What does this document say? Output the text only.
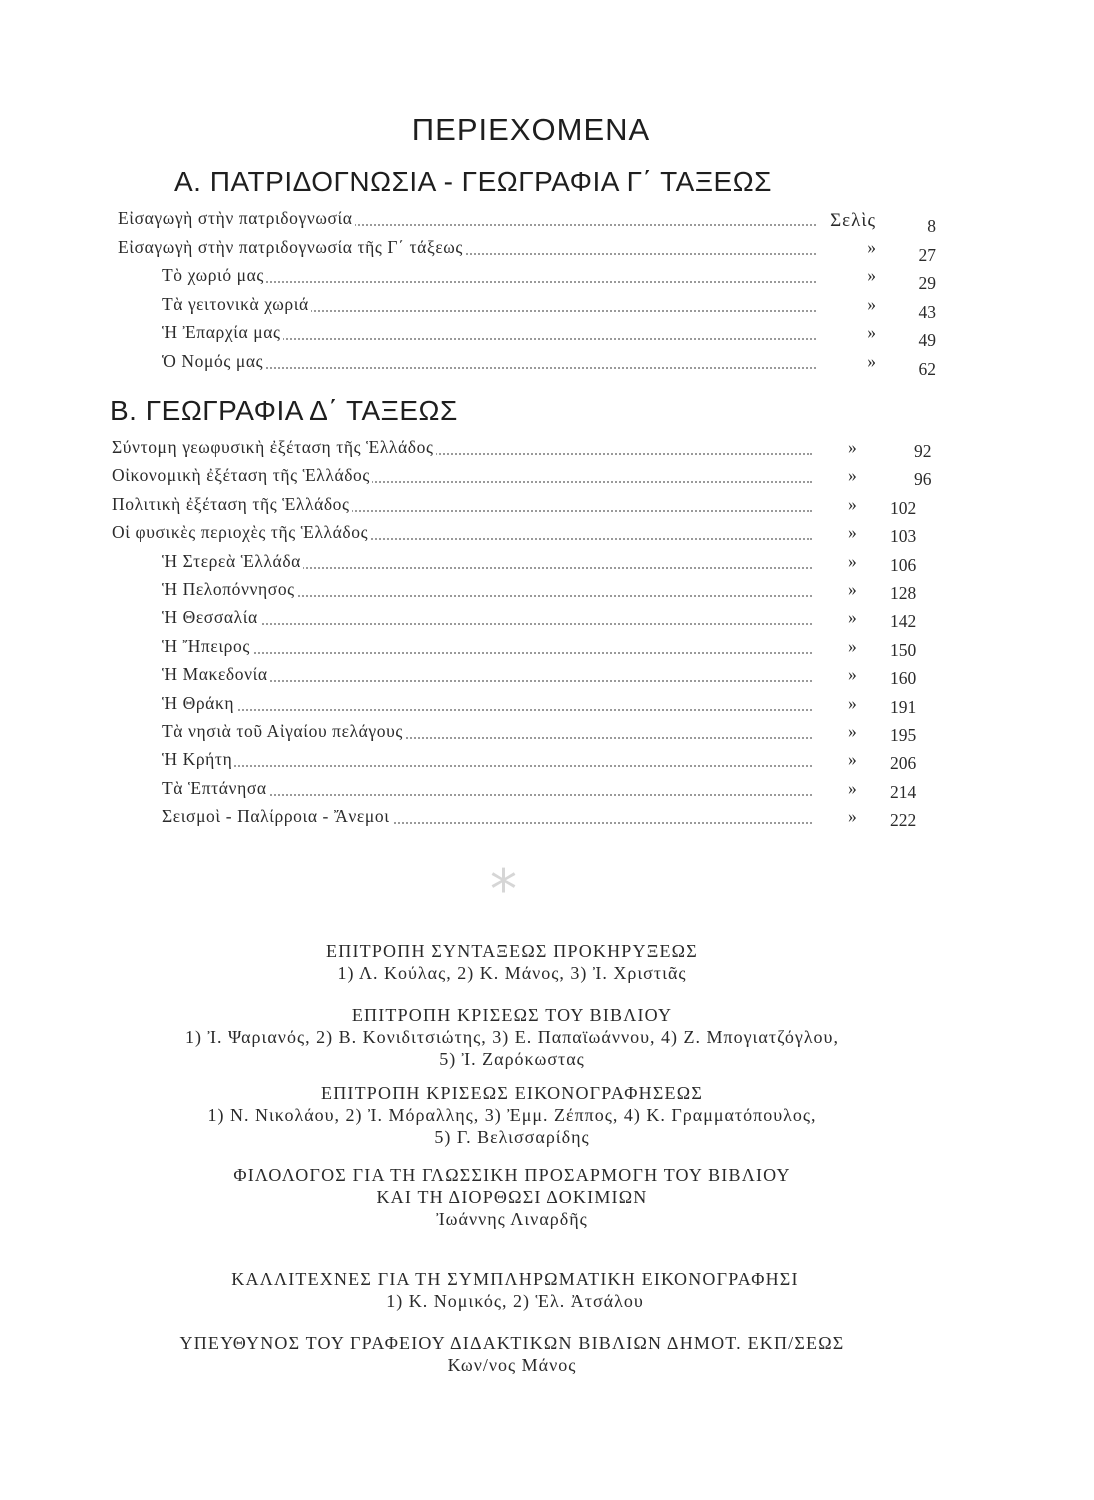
ΠΕΡΙΕΧΟΜΕΝΑ
Α. ΠΑΤΡΙΔΟΓΝΩΣΙΑ - ΓΕΩΓΡΑΦΙΑ Γ΄ ΤΑΞΕΩΣ
Εἰσαγωγὴ στὴν πατριδογνωσία	Σελὶς	8
Εἰσαγωγὴ στὴν πατριδογνωσία τῆς Γ΄ τάξεως	» 27
Τὸ χωριό μας	» 29
Τὰ γειτονικὰ χωριά	» 43
Ἡ Ἐπαρχία μας	» 49
Ὁ Νομός μας	» 62
Β. ΓΕΩΓΡΑΦΙΑ Δ΄ ΤΑΞΕΩΣ
Σύντομη γεωφυσικὴ ἐξέταση τῆς Ἑλλάδος	»	92
Οἰκονομικὴ ἐξέταση τῆς Ἑλλάδος	»	96
Πολιτικὴ ἐξέταση τῆς Ἑλλάδος	» 102
Οἱ φυσικὲς περιοχὲς τῆς Ἑλλάδος	» 103
Ἡ Στερεὰ Ἑλλάδα	» 106
Ἡ Πελοπόννησος	» 128
Ἡ Θεσσαλία	» 142
Ἡ Ἤπειρος	» 150
Ἡ Μακεδονία	» 160
Ἡ Θράκη	» 191
Τὰ νησιὰ τοῦ Αἰγαίου πελάγους	» 195
Ἡ Κρήτη	» 206
Τὰ Ἑπτάνησα	» 214
Σεισμοὶ - Παλίρροια - Ἄνεμοι	» 222
*

ΕΠΙΤΡΟΠΗ ΣΥΝΤΑΞΕΩΣ ΠΡΟΚΗΡΥΞΕΩΣ

1) Λ. Κούλας, 2) Κ. Μάνος, 3) Ἰ. Χριστιᾶς

ΕΠΙΤΡΟΠΗ ΚΡΙΣΕΩΣ ΤΟΥ ΒΙΒΛΙΟΥ

1) Ἰ. Ψαριανός, 2) Β. Κονιδιτσιώτης, 3) Ε. Παπαϊωάννου, 4) Ζ. Μπογιατζόγλου,

5) Ἰ. Ζαρόκωστας

ΕΠΙΤΡΟΠΗ ΚΡΙΣΕΩΣ ΕΙΚΟΝΟΓΡΑΦΗΣΕΩΣ

1) Ν. Νικολάου, 2) Ἰ. Μόραλλης, 3) Ἐμμ. Ζέππος, 4) Κ. Γραμματόπουλος,

5) Γ. Βελισσαρίδης

ΦΙΛΟΛΟΓΟΣ ΓΙΑ ΤΗ ΓΛΩΣΣΙΚΗ ΠΡΟΣΑΡΜΟΓΗ ΤΟΥ ΒΙΒΛΙΟΥ

ΚΑΙ ΤΗ ΔΙΟΡΘΩΣΙ ΔΟΚΙΜΙΩΝ

Ἰωάννης Λιναρδῆς

ΚΑΛΛΙΤΕΧΝΕΣ ΓΙΑ ΤΗ ΣΥΜΠΛΗΡΩΜΑΤΙΚΗ ΕΙΚΟΝΟΓΡΑΦΗΣΙ

1) Κ. Νομικός, 2) Ἑλ. Ἀτσάλου

ΥΠΕΥΘΥΝΟΣ ΤΟΥ ΓΡΑΦΕΙΟΥ ΔΙΔΑΚΤΙΚΩΝ ΒΙΒΛΙΩΝ ΔΗΜΟΤ. ΕΚΠ/ΣΕΩΣ

Κων/νος Μάνος
